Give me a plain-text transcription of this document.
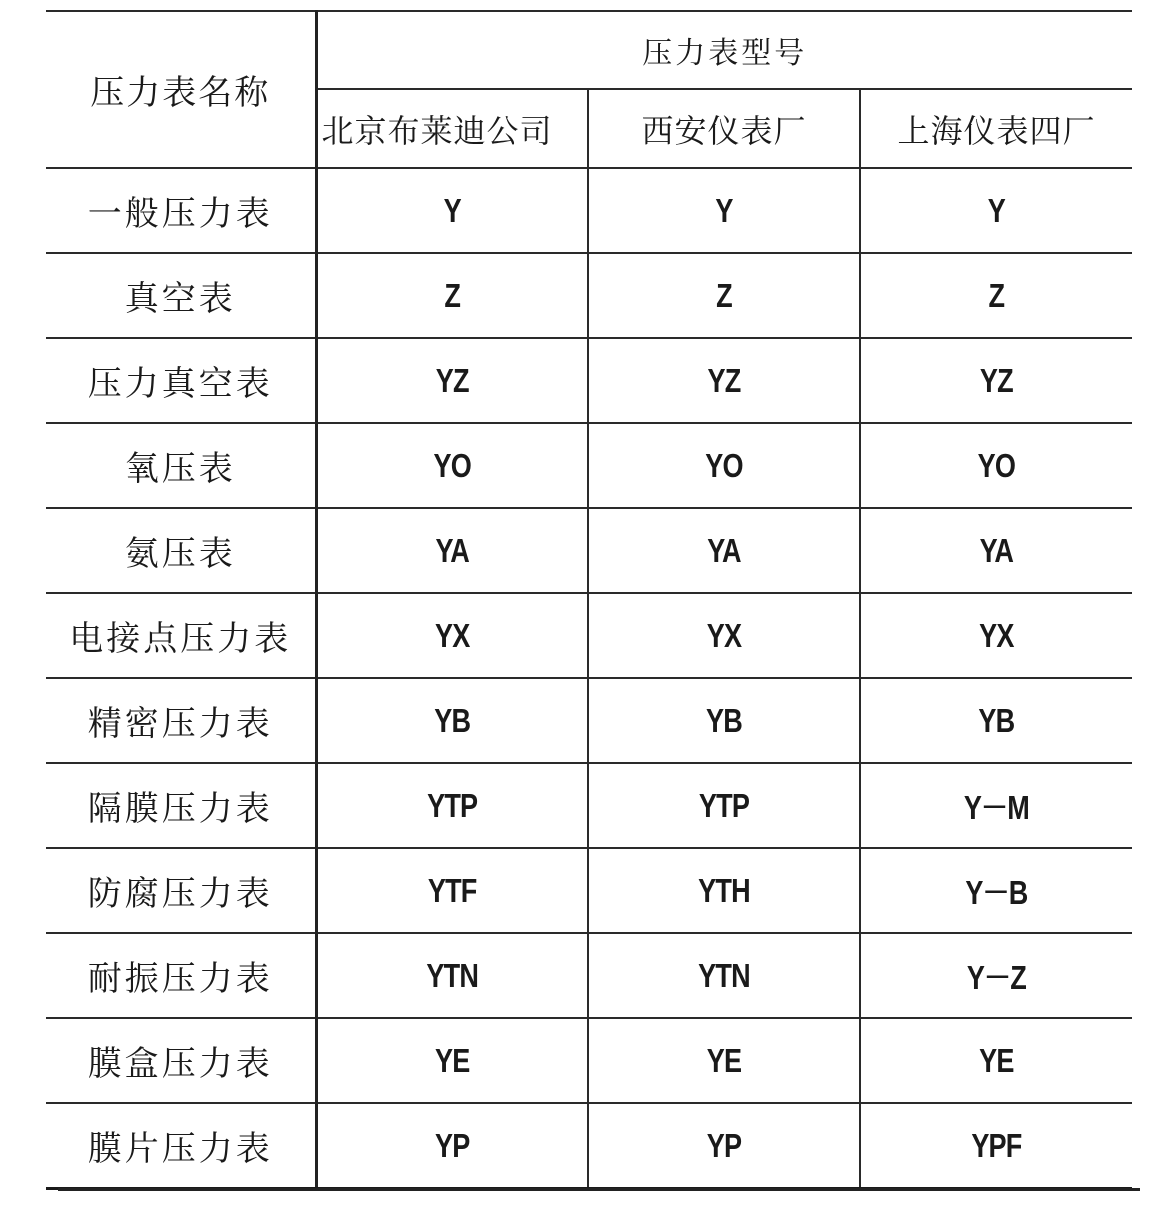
压力表名称	压力表型号		
	北京布莱迪公司	西安仪表厂	上海仪表四厂
一般压力表	Y	Y	Y
真空表	Z	Z	Z
压力真空表	YZ	YZ	YZ
氧压表	YO	YO	YO
氨压表	YA	YA	YA
电接点压力表	YX	YX	YX
精密压力表	YB	YB	YB
隔膜压力表	YTP	YTP	Y－M
防腐压力表	YTF	YTH	Y－B
耐振压力表	YTN	YTN	Y－Z
膜盒压力表	YE	YE	YE
膜片压力表	YP	YP	YPF
